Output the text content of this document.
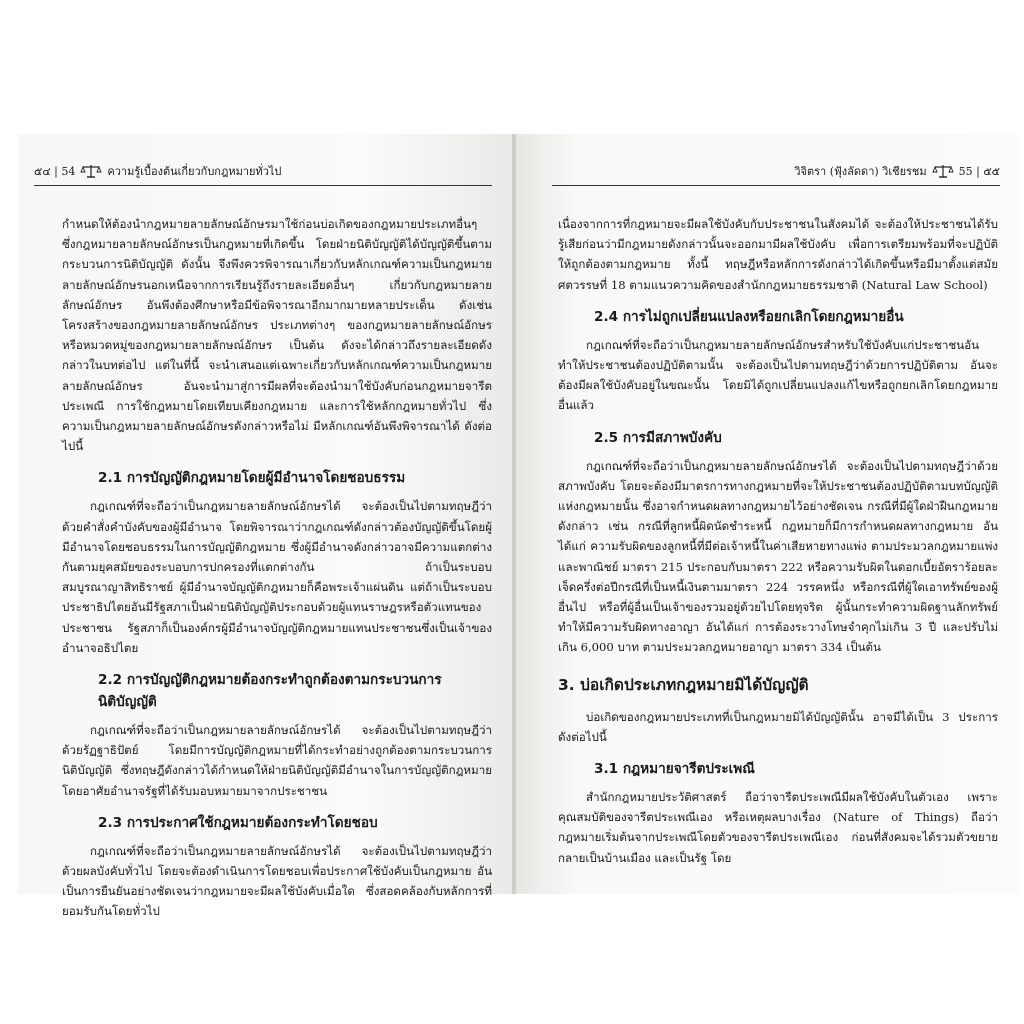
๕๔ | 54	ความรู้เบื้องต้นเกี่ยวกับกฎหมายทั่วไป

กำหนดให้ต้องนำกฎหมายลายลักษณ์อักษรมาใช้ก่อนบ่อเกิดของกฎหมายประเภทอื่นๆ ซึ่งกฎหมายลายลักษณ์อักษรเป็นกฎหมายที่เกิดขึ้น โดยฝ่ายนิติบัญญัติได้บัญญัติขึ้นตามกระบวนการนิติบัญญัติ ดังนั้น จึงพึงควรพิจารณาเกี่ยวกับหลักเกณฑ์ความเป็นกฎหมายลายลักษณ์อักษรนอกเหนือจากการเรียนรู้ถึงรายละเอียดอื่นๆ เกี่ยวกับกฎหมายลายลักษณ์อักษร อันพึงต้องศึกษาหรือมีข้อพิจารณาอีกมากมายหลายประเด็น ดังเช่น โครงสร้างของกฎหมายลายลักษณ์อักษร ประเภทต่างๆ ของกฎหมายลายลักษณ์อักษร หรือหมวดหมู่ของกฎหมายลายลักษณ์อักษร เป็นต้น ดังจะได้กล่าวถึงรายละเอียดดังกล่าวในบทต่อไป แต่ในที่นี้ จะนำเสนอแต่เฉพาะเกี่ยวกับหลักเกณฑ์ความเป็นกฎหมายลายลักษณ์อักษร อันจะนำมาสู่การมีผลที่จะต้องนำมาใช้บังคับก่อนกฎหมายจารีตประเพณี การใช้กฎหมายโดยเทียบเคียงกฎหมาย และการใช้หลักกฎหมายทั่วไป ซึ่งความเป็นกฎหมายลายลักษณ์อักษรดังกล่าวหรือไม่ มีหลักเกณฑ์อันพึงพิจารณาได้ ดังต่อไปนี้

2.1 การบัญญัติกฎหมายโดยผู้มีอำนาจโดยชอบธรรม

กฎเกณฑ์ที่จะถือว่าเป็นกฎหมายลายลักษณ์อักษรได้ จะต้องเป็นไปตามทฤษฎีว่าด้วยคำสั่งคำบังคับของผู้มีอำนาจ โดยพิจารณาว่ากฎเกณฑ์ดังกล่าวต้องบัญญัติขึ้นโดยผู้มีอำนาจโดยชอบธรรมในการบัญญัติกฎหมาย ซึ่งผู้มีอำนาจดังกล่าวอาจมีความแตกต่างกันตามยุคสมัยของระบอบการปกครองที่แตกต่างกัน ถ้าเป็นระบอบสมบูรณาญาสิทธิราชย์ ผู้มีอำนาจบัญญัติกฎหมายก็คือพระเจ้าแผ่นดิน แต่ถ้าเป็นระบอบประชาธิปไตยอันมีรัฐสภาเป็นฝ่ายนิติบัญญัติประกอบด้วยผู้แทนราษฎรหรือตัวแทนของประชาชน รัฐสภาก็เป็นองค์กรผู้มีอำนาจบัญญัติกฎหมายแทนประชาชนซึ่งเป็นเจ้าของอำนาจอธิปไตย

2.2 การบัญญัติกฎหมายต้องกระทำถูกต้องตามกระบวนการนิติบัญญัติ

กฎเกณฑ์ที่จะถือว่าเป็นกฎหมายลายลักษณ์อักษรได้ จะต้องเป็นไปตามทฤษฎีว่าด้วยรัฏฐาธิปัตย์ โดยมีการบัญญัติกฎหมายที่ได้กระทำอย่างถูกต้องตามกระบวนการนิติบัญญัติ ซึ่งทฤษฎีดังกล่าวได้กำหนดให้ฝ่ายนิติบัญญัติมีอำนาจในการบัญญัติกฎหมายโดยอาศัยอำนาจรัฐที่ได้รับมอบหมายมาจากประชาชน

2.3 การประกาศใช้กฎหมายต้องกระทำโดยชอบ

กฎเกณฑ์ที่จะถือว่าเป็นกฎหมายลายลักษณ์อักษรได้ จะต้องเป็นไปตามทฤษฎีว่าด้วยผลบังคับทั่วไป โดยจะต้องดำเนินการโดยชอบเพื่อประกาศใช้บังคับเป็นกฎหมาย อันเป็นการยืนยันอย่างชัดเจนว่ากฎหมายจะมีผลใช้บังคับเมื่อใด ซึ่งสอดคล้องกับหลักการที่ยอมรับกันโดยทั่วไป

วิจิตรา (ฟุ้งลัดดา) วิเชียรชม	55 | ๕๕

เนื่องจากการที่กฎหมายจะมีผลใช้บังคับกับประชาชนในสังคมได้ จะต้องให้ประชาชนได้รับรู้เสียก่อนว่ามีกฎหมายดังกล่าวนั้นจะออกมามีผลใช้บังคับ เพื่อการเตรียมพร้อมที่จะปฏิบัติให้ถูกต้องตามกฎหมาย ทั้งนี้ ทฤษฎีหรือหลักการดังกล่าวได้เกิดขึ้นหรือมีมาตั้งแต่สมัยศตวรรษที่ 18 ตามแนวความคิดของสำนักกฎหมายธรรมชาติ (Natural Law School)

2.4 การไม่ถูกเปลี่ยนแปลงหรือยกเลิกโดยกฎหมายอื่น

กฎเกณฑ์ที่จะถือว่าเป็นกฎหมายลายลักษณ์อักษรสำหรับใช้บังคับแก่ประชาชนอันทำให้ประชาชนต้องปฏิบัติตามนั้น จะต้องเป็นไปตามทฤษฎีว่าด้วยการปฏิบัติตาม อันจะต้องมีผลใช้บังคับอยู่ในขณะนั้น โดยมิได้ถูกเปลี่ยนแปลงแก้ไขหรือถูกยกเลิกโดยกฎหมายอื่นแล้ว

2.5 การมีสภาพบังคับ

กฎเกณฑ์ที่จะถือว่าเป็นกฎหมายลายลักษณ์อักษรได้ จะต้องเป็นไปตามทฤษฎีว่าด้วยสภาพบังคับ โดยจะต้องมีมาตรการทางกฎหมายที่จะให้ประชาชนต้องปฏิบัติตามบทบัญญัติแห่งกฎหมายนั้น ซึ่งอาจกำหนดผลทางกฎหมายไว้อย่างชัดเจน กรณีที่มีผู้ใดฝ่าฝืนกฎหมายดังกล่าว เช่น กรณีที่ลูกหนี้ผิดนัดชำระหนี้ กฎหมายก็มีการกำหนดผลทางกฎหมาย อันได้แก่ ความรับผิดของลูกหนี้ที่มีต่อเจ้าหนี้ในค่าเสียหายทางแพ่ง ตามประมวลกฎหมายแพ่งและพาณิชย์ มาตรา 215 ประกอบกับมาตรา 222 หรือความรับผิดในดอกเบี้ยอัตราร้อยละเจ็ดครึ่งต่อปีกรณีที่เป็นหนี้เงินตามมาตรา 224 วรรคหนึ่ง หรือกรณีที่ผู้ใดเอาทรัพย์ของผู้อื่นไป หรือที่ผู้อื่นเป็นเจ้าของรวมอยู่ด้วยไปโดยทุจริต ผู้นั้นกระทำความผิดฐานลักทรัพย์ ทำให้มีความรับผิดทางอาญา อันได้แก่ การต้องระวางโทษจำคุกไม่เกิน 3 ปี และปรับไม่เกิน 6,000 บาท ตามประมวลกฎหมายอาญา มาตรา 334 เป็นต้น

3. บ่อเกิดประเภทกฎหมายมิได้บัญญัติ

บ่อเกิดของกฎหมายประเภทที่เป็นกฎหมายมิได้บัญญัตินั้น อาจมีได้เป็น 3 ประการ ดังต่อไปนี้

3.1 กฎหมายจารีตประเพณี

สำนักกฎหมายประวัติศาสตร์ ถือว่าจารีตประเพณีมีผลใช้บังคับในตัวเอง เพราะคุณสมบัติของจารีตประเพณีเอง หรือเหตุผลบางเรื่อง (Nature of Things) ถือว่า กฎหมายเริ่มต้นจากประเพณีโดยตัวของจารีตประเพณีเอง ก่อนที่สังคมจะได้รวมตัวขยายกลายเป็นบ้านเมือง และเป็นรัฐ โดย
